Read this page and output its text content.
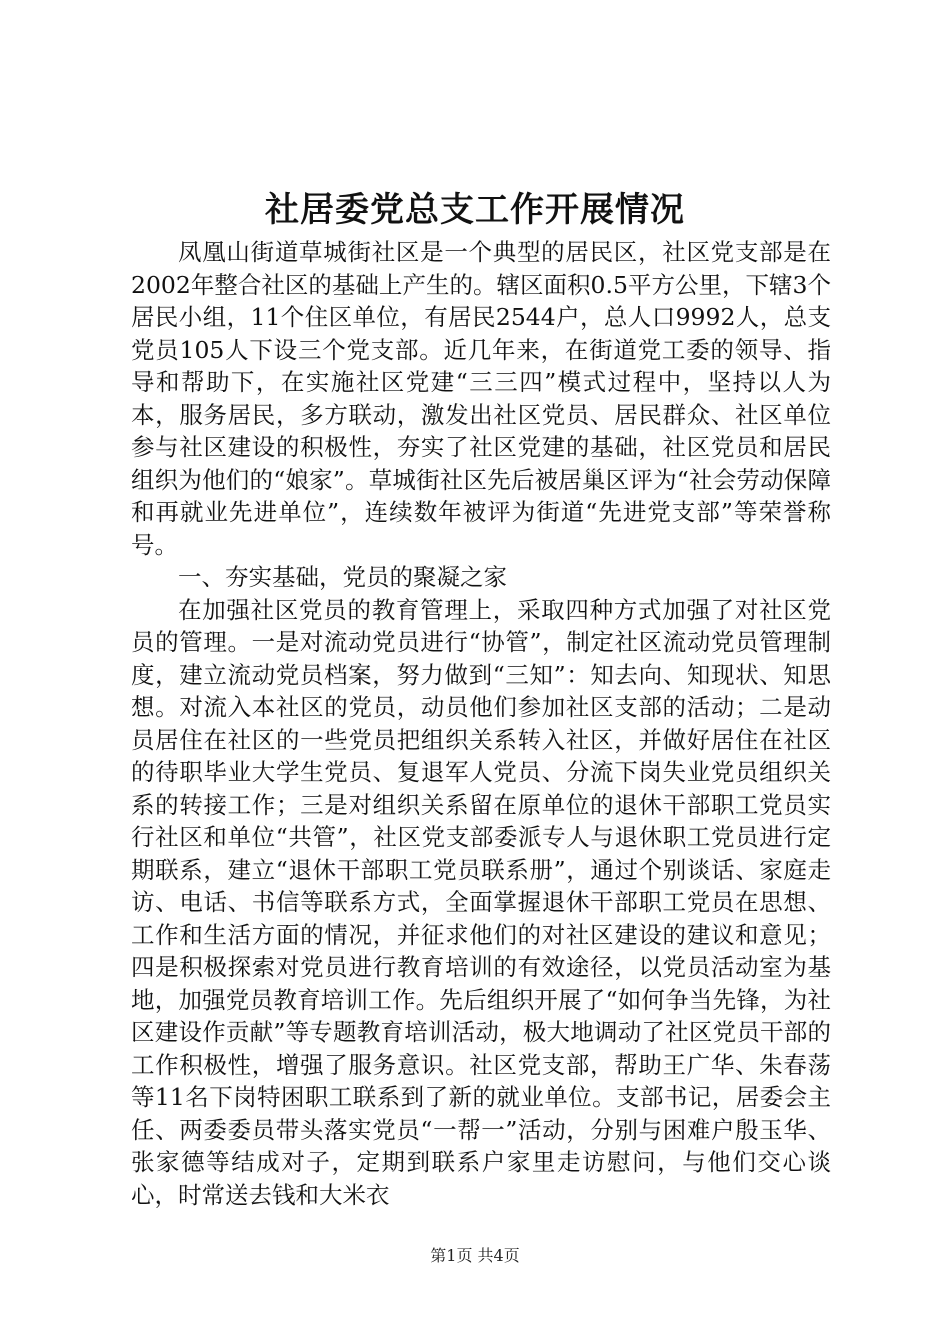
社居委党总支工作开展情况

凤凰山街道草城街社区是一个典型的居民区，社区党支部是在2002年整合社区的基础上产生的。辖区面积0.5平方公里，下辖3个居民小组，11个住区单位，有居民2544户，总人口9992人，总支党员105人下设三个党支部。近几年来，在街道党工委的领导、指导和帮助下，在实施社区党建“三三四”模式过程中，坚持以人为本，服务居民，多方联动，激发出社区党员、居民群众、社区单位参与社区建设的积极性，夯实了社区党建的基础，社区党员和居民组织为他们的“娘家”。草城街社区先后被居巢区评为“社会劳动保障和再就业先进单位”，连续数年被评为街道“先进党支部”等荣誉称号。

一、夯实基础，党员的聚凝之家

在加强社区党员的教育管理上，采取四种方式加强了对社区党员的管理。一是对流动党员进行“协管”，制定社区流动党员管理制度，建立流动党员档案，努力做到“三知”：知去向、知现状、知思想。对流入本社区的党员，动员他们参加社区支部的活动；二是动员居住在社区的一些党员把组织关系转入社区，并做好居住在社区的待职毕业大学生党员、复退军人党员、分流下岗失业党员组织关系的转接工作；三是对组织关系留在原单位的退休干部职工党员实行社区和单位“共管”，社区党支部委派专人与退休职工党员进行定期联系，建立“退休干部职工党员联系册”，通过个别谈话、家庭走访、电话、书信等联系方式，全面掌握退休干部职工党员在思想、工作和生活方面的情况，并征求他们的对社区建设的建议和意见；四是积极探索对党员进行教育培训的有效途径，以党员活动室为基地，加强党员教育培训工作。先后组织开展了“如何争当先锋，为社区建设作贡献”等专题教育培训活动，极大地调动了社区党员干部的工作积极性，增强了服务意识。社区党支部，帮助王广华、朱春荡等11名下岗特困职工联系到了新的就业单位。支部书记，居委会主任、两委委员带头落实党员“一帮一”活动，分别与困难户殷玉华、张家德等结成对子，定期到联系户家里走访慰问，与他们交心谈心，时常送去钱和大米衣

第1页 共4页
